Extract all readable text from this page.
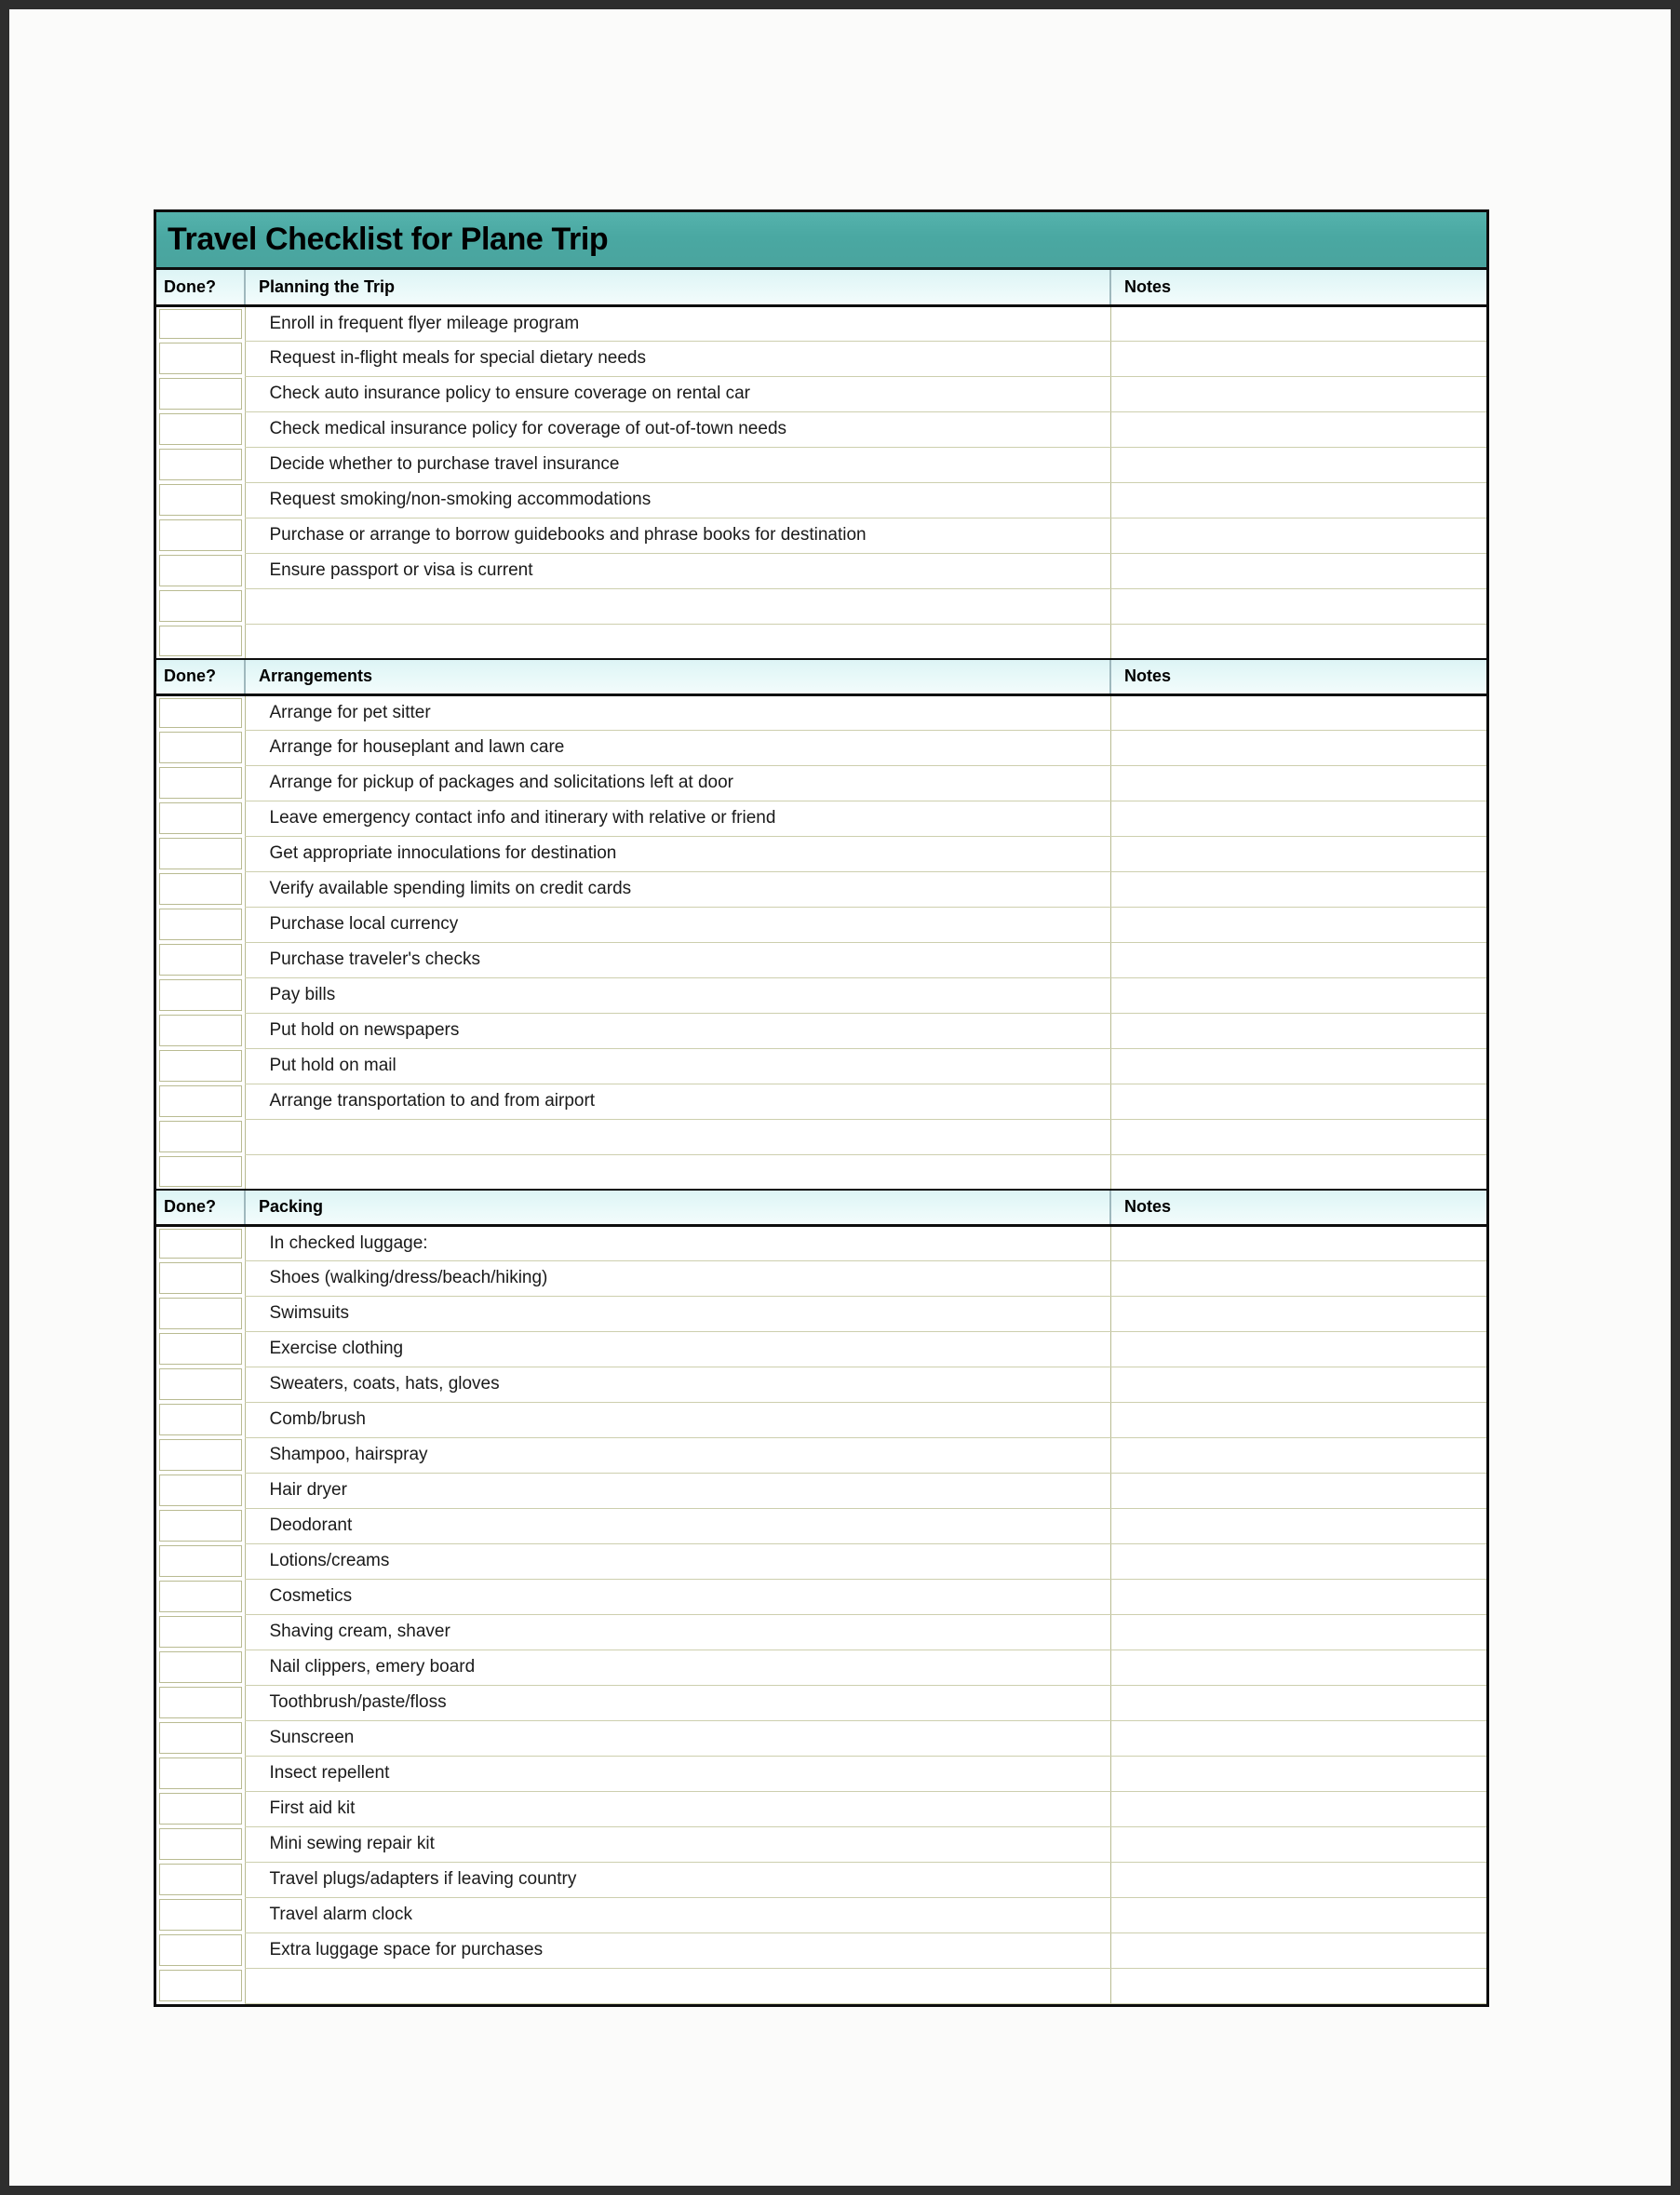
Travel Checklist for Plane Trip
Done?	Planning the Trip	Notes

	Enroll in frequent flyer mileage program	

	Request in-flight meals for special dietary needs	

	Check auto insurance policy to ensure coverage on rental car	

	Check medical insurance policy for coverage of out-of-town needs	

	Decide whether to purchase travel insurance	

	Request smoking/non-smoking accommodations	

	Purchase or arrange to borrow guidebooks and phrase books for destination	

	Ensure passport or visa is current	

Done?	Arrangements	Notes

	Arrange for pet sitter	

	Arrange for houseplant and lawn care	

	Arrange for pickup of packages and solicitations left at door	

	Leave emergency contact info and itinerary with relative or friend	

	Get appropriate innoculations for destination	

	Verify available spending limits on credit cards	

	Purchase local currency	

	Purchase traveler's checks	

	Pay bills	

	Put hold on newspapers	

	Put hold on mail	

	Arrange transportation to and from airport	

Done?	Packing	Notes

	In checked luggage:	

	Shoes (walking/dress/beach/hiking)	

	Swimsuits	

	Exercise clothing	

	Sweaters, coats, hats, gloves	

	Comb/brush	

	Shampoo, hairspray	

	Hair dryer	

	Deodorant	

	Lotions/creams	

	Cosmetics	

	Shaving cream, shaver	

	Nail clippers, emery board	

	Toothbrush/paste/floss	

	Sunscreen	

	Insect repellent	

	First aid kit	

	Mini sewing repair kit	

	Travel plugs/adapters if leaving country	

	Travel alarm clock	

	Extra luggage space for purchases	
